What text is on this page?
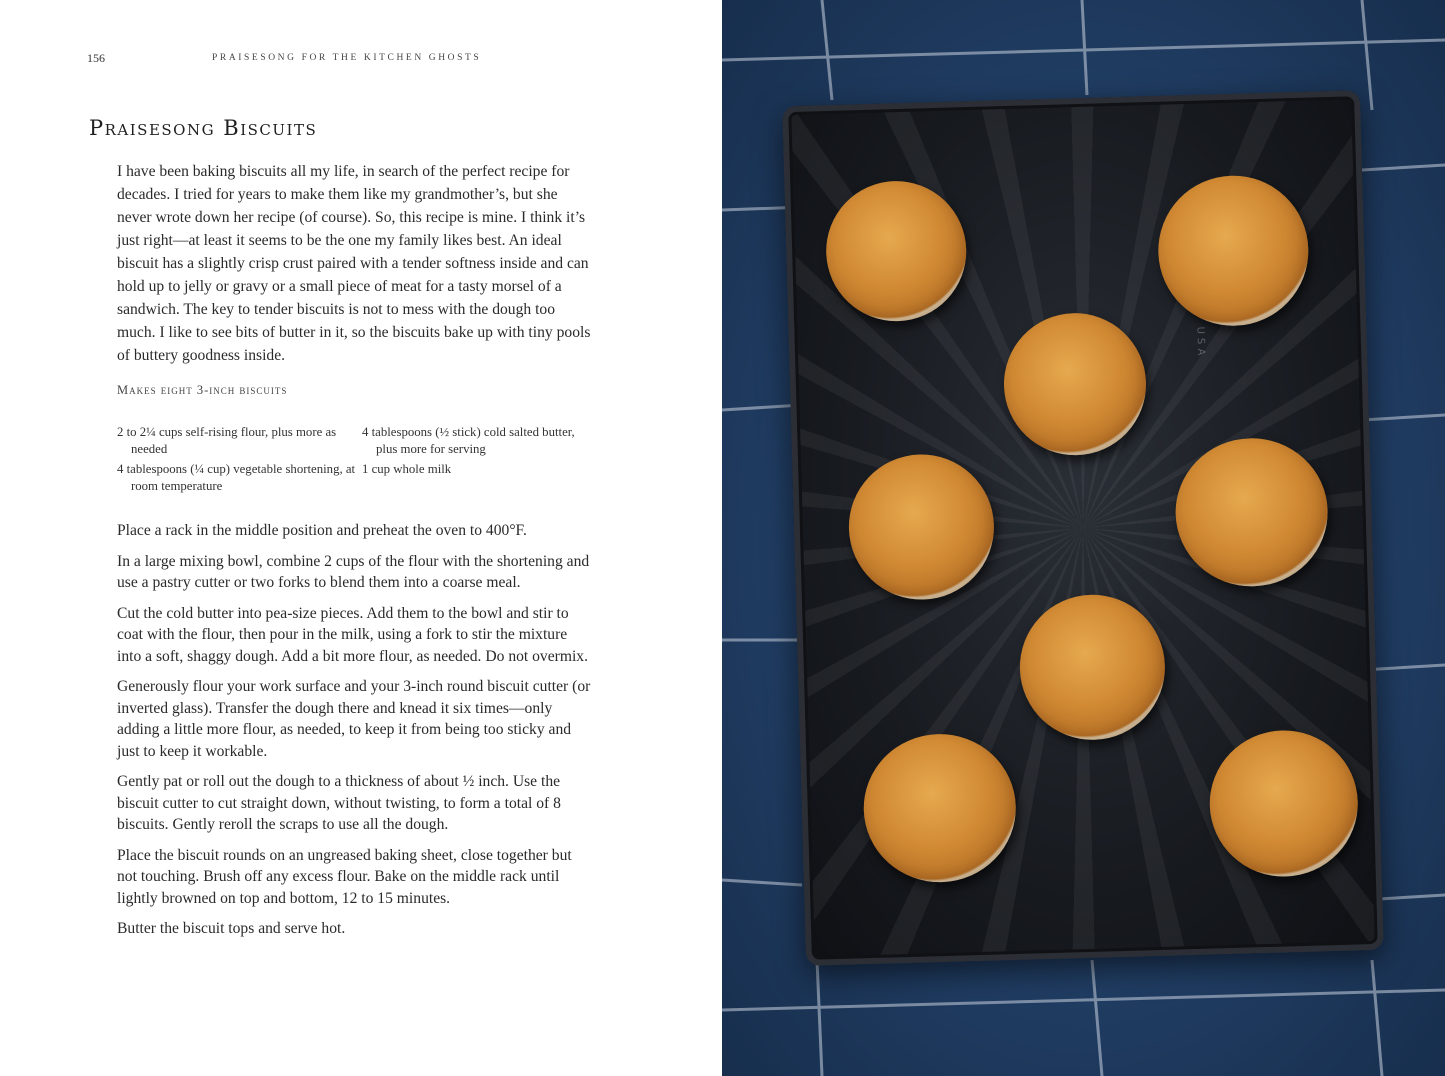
156	PRAISESONG FOR THE KITCHEN GHOSTS
Praisesong Biscuits

I have been baking biscuits all my life, in search of the perfect recipe for decades. I tried for years to make them like my grandmother’s, but she never wrote down her recipe (of course). So, this recipe is mine. I think it’s just right—at least it seems to be the one my family likes best. An ideal biscuit has a slightly crisp crust paired with a tender softness inside and can hold up to jelly or gravy or a small piece of meat for a tasty morsel of a sandwich. The key to tender biscuits is not to mess with the dough too much. I like to see bits of butter in it, so the biscuits bake up with tiny pools of buttery goodness inside.

Makes eight 3-inch biscuits

2 to 2¼ cups self-rising flour, plus more as needed
4 tablespoons (½ stick) cold salted butter, plus more for serving
4 tablespoons (¼ cup) vegetable shortening, at room temperature
1 cup whole milk

Place a rack in the middle position and preheat the oven to 400°F.

In a large mixing bowl, combine 2 cups of the flour with the shortening and use a pastry cutter or two forks to blend them into a coarse meal.

Cut the cold butter into pea-size pieces. Add them to the bowl and stir to coat with the flour, then pour in the milk, using a fork to stir the mixture into a soft, shaggy dough. Add a bit more flour, as needed. Do not overmix.

Generously flour your work surface and your 3-inch round biscuit cutter (or inverted glass). Transfer the dough there and knead it six times—only adding a little more flour, as needed, to keep it from being too sticky and just to keep it workable.

Gently pat or roll out the dough to a thickness of about ½ inch. Use the biscuit cutter to cut straight down, without twisting, to form a total of 8 biscuits. Gently reroll the scraps to use all the dough.

Place the biscuit rounds on an ungreased baking sheet, close together but not touching. Brush off any excess flour. Bake on the middle rack until lightly browned on top and bottom, 12 to 15 minutes.

Butter the biscuit tops and serve hot.

USA
